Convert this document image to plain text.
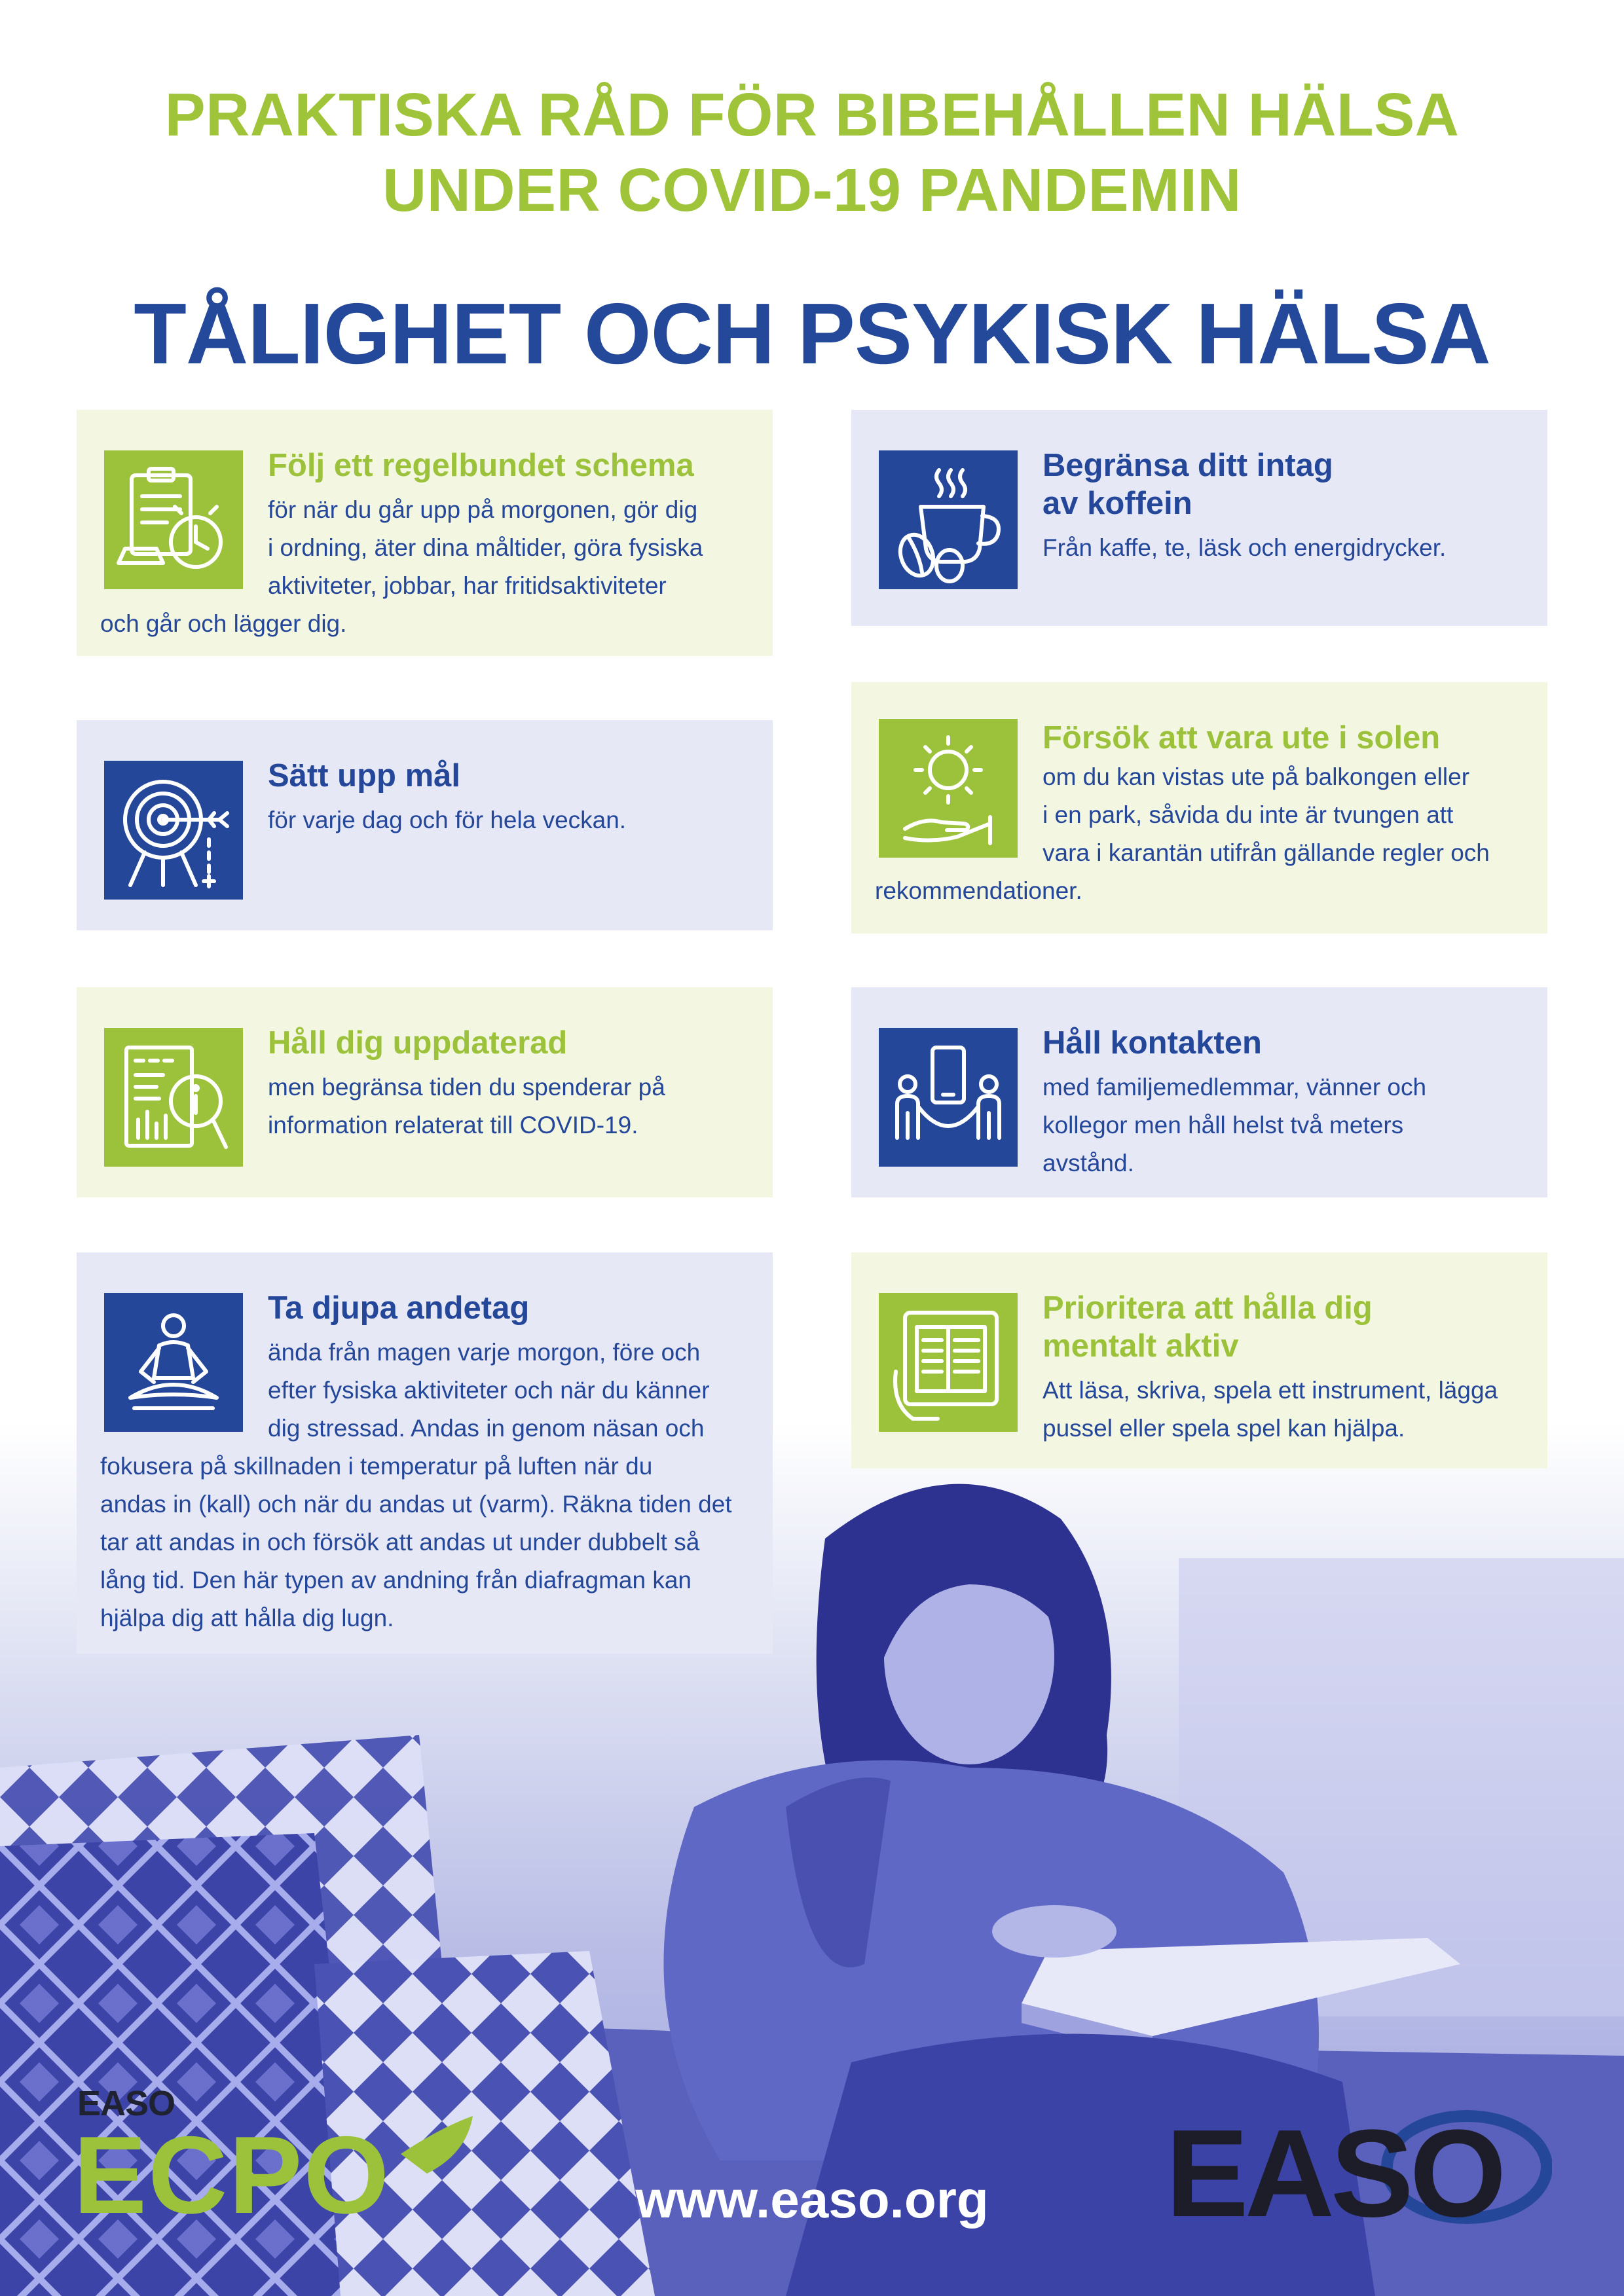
PRAKTISKA RÅD FÖR BIBEHÅLLEN HÄLSA
UNDER COVID-19 PANDEMIN
TÅLIGHET OCH PSYKISK HÄLSA
Följ ett regelbundet schema
för när du går upp på morgonen, gör dig
i ordning, äter dina måltider, göra fysiska
aktiviteter, jobbar, har fritidsaktiviteter
och går och lägger dig.
Begränsa ditt intag
av koffein
Från kaffe, te, läsk och energidrycker.
Sätt upp mål
för varje dag och för hela veckan.
Försök att vara ute i solen
om du kan vistas ute på balkongen eller
i en park, såvida du inte är tvungen att
vara i karantän utifrån gällande regler och
rekommendationer.
Håll dig uppdaterad
men begränsa tiden du spenderar på
information relaterat till COVID-19.
Håll kontakten
med familjemedlemmar, vänner och
kollegor men håll helst två meters
avstånd.
Ta djupa andetag
ända från magen varje morgon, före och
efter fysiska aktiviteter och när du känner
dig stressad. Andas in genom näsan och
fokusera på skillnaden i temperatur på luften när du
andas in (kall) och när du andas ut (varm). Räkna tiden det
tar att andas in och försök att andas ut under dubbelt så
lång tid. Den här typen av andning från diafragman kan
hjälpa dig att hålla dig lugn.
Prioritera att hålla dig
mentalt aktiv
Att läsa, skriva, spela ett instrument, lägga
pussel eller spela spel kan hjälpa.
EASO
ECPO	www.easo.org	EASO
